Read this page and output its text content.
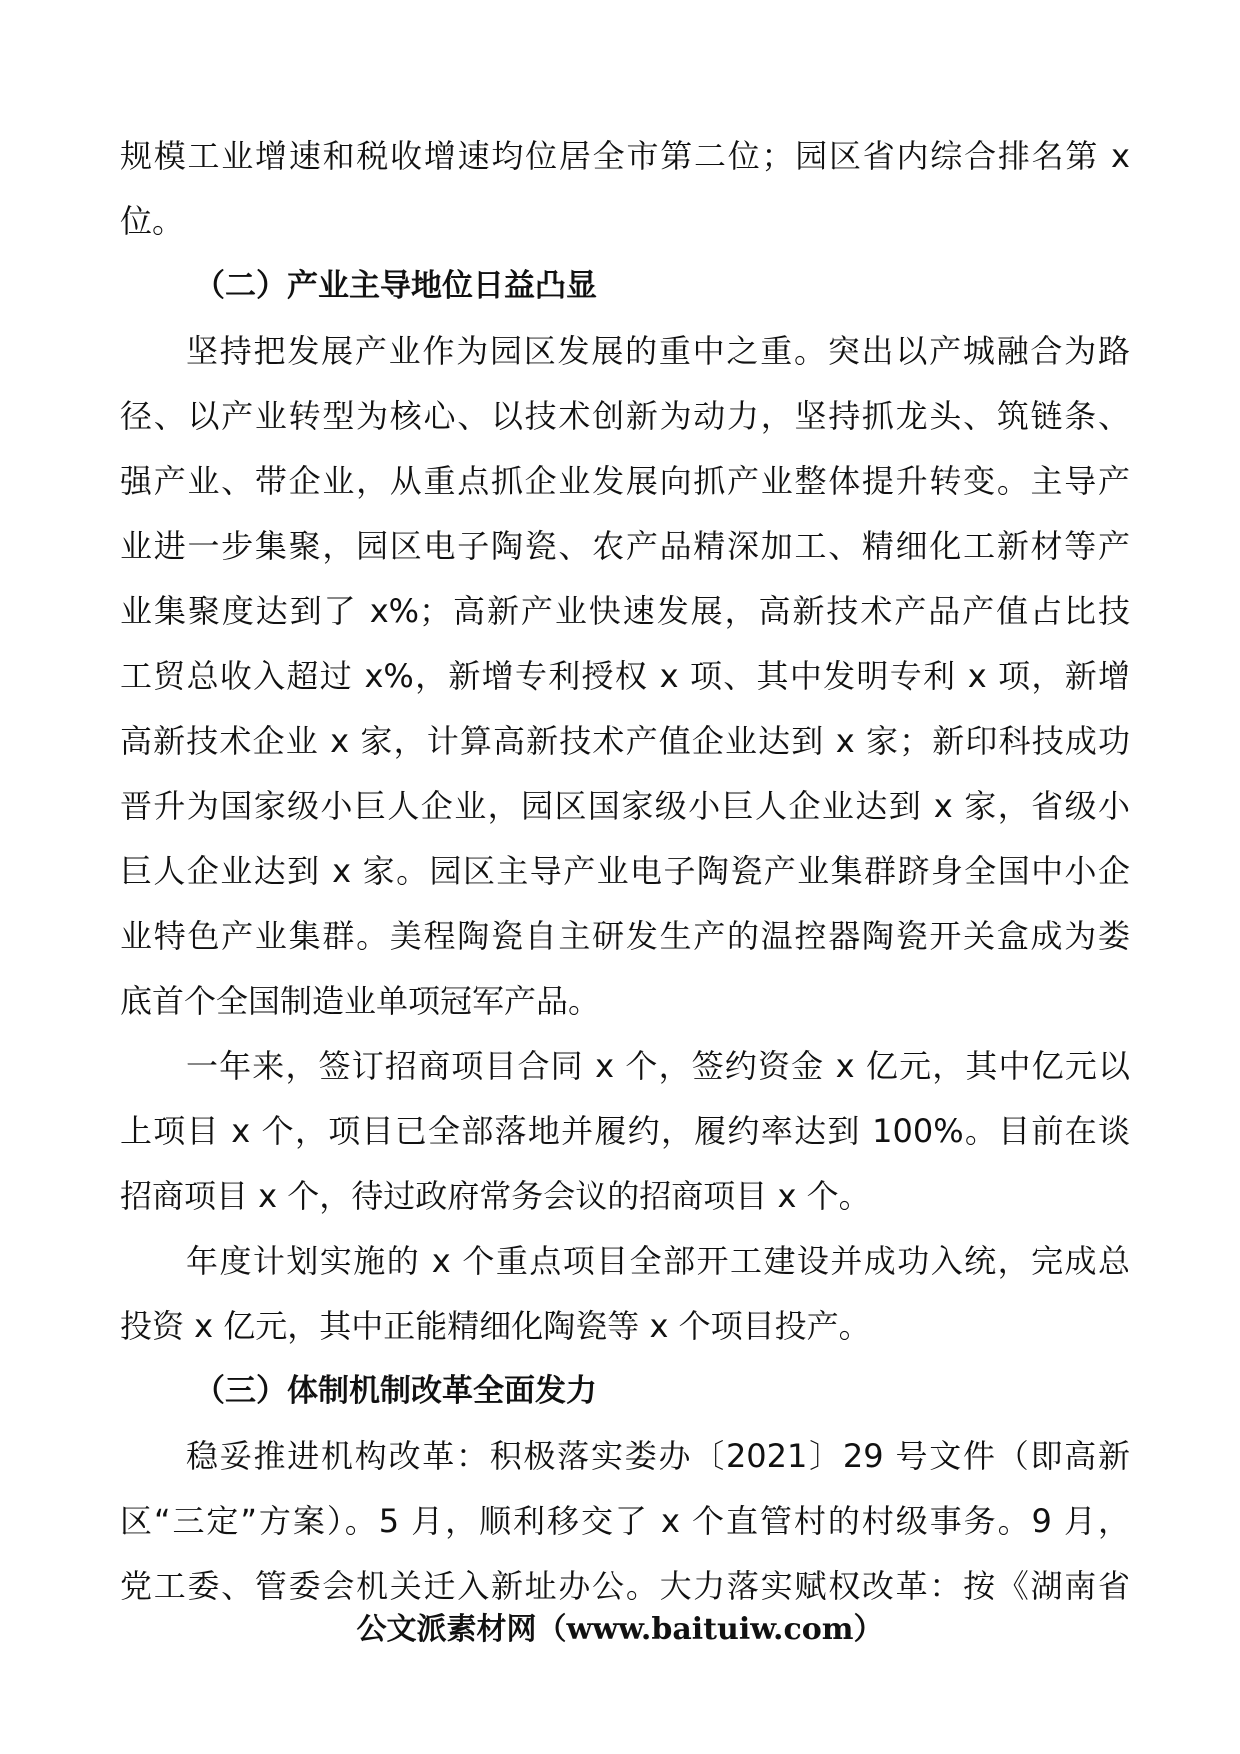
规模工业增速和税收增速均位居全市第二位；园区省内综合排名第 x
位。
（二）产业主导地位日益凸显
坚持把发展产业作为园区发展的重中之重。突出以产城融合为路
径、以产业转型为核心、以技术创新为动力，坚持抓龙头、筑链条、
强产业、带企业，从重点抓企业发展向抓产业整体提升转变。主导产
业进一步集聚，园区电子陶瓷、农产品精深加工、精细化工新材等产
业集聚度达到了 x%；高新产业快速发展，高新技术产品产值占比技
工贸总收入超过 x%，新增专利授权 x 项、其中发明专利 x 项，新增
高新技术企业 x 家，计算高新技术产值企业达到 x 家；新印科技成功
晋升为国家级小巨人企业，园区国家级小巨人企业达到 x 家，省级小
巨人企业达到 x 家。园区主导产业电子陶瓷产业集群跻身全国中小企
业特色产业集群。美程陶瓷自主研发生产的温控器陶瓷开关盒成为娄
底首个全国制造业单项冠军产品。
一年来，签订招商项目合同 x 个，签约资金 x 亿元，其中亿元以
上项目 x 个，项目已全部落地并履约，履约率达到 100%。目前在谈
招商项目 x 个，待过政府常务会议的招商项目 x 个。
年度计划实施的 x 个重点项目全部开工建设并成功入统，完成总
投资 x 亿元，其中正能精细化陶瓷等 x 个项目投产。
（三）体制机制改革全面发力
稳妥推进机构改革：积极落实娄办〔2021〕29 号文件（即高新
区“三定”方案）。5 月，顺利移交了 x 个直管村的村级事务。9 月，
党工委、管委会机关迁入新址办公。大力落实赋权改革：按《湖南省
公文派素材网（www.baituiw.com）
